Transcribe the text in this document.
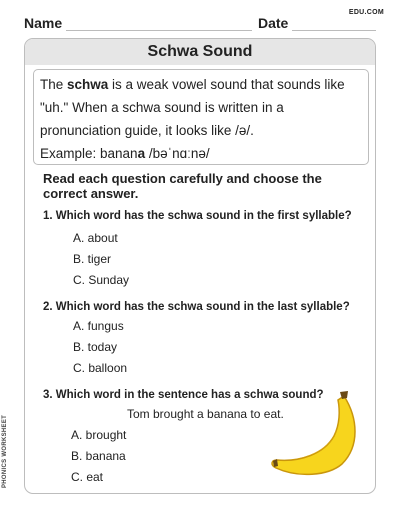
EDU.COM
Name	Date
Schwa Sound
The schwa is a weak vowel sound that sounds like
"uh." When a schwa sound is written in a
pronunciation guide, it looks like /ə/.
Example: banana /bəˈnɑːnə/
Read each question carefully and choose the correct answer.
1. Which word has the schwa sound in the first syllable?
A. about
B. tiger
C. Sunday
2. Which word has the schwa sound in the last syllable?
A. fungus
B. today
C. balloon
3. Which word in the sentence has a schwa sound?
Tom brought a banana to eat.
A. brought
B. banana
C. eat
PHONICS WORKSHEET
